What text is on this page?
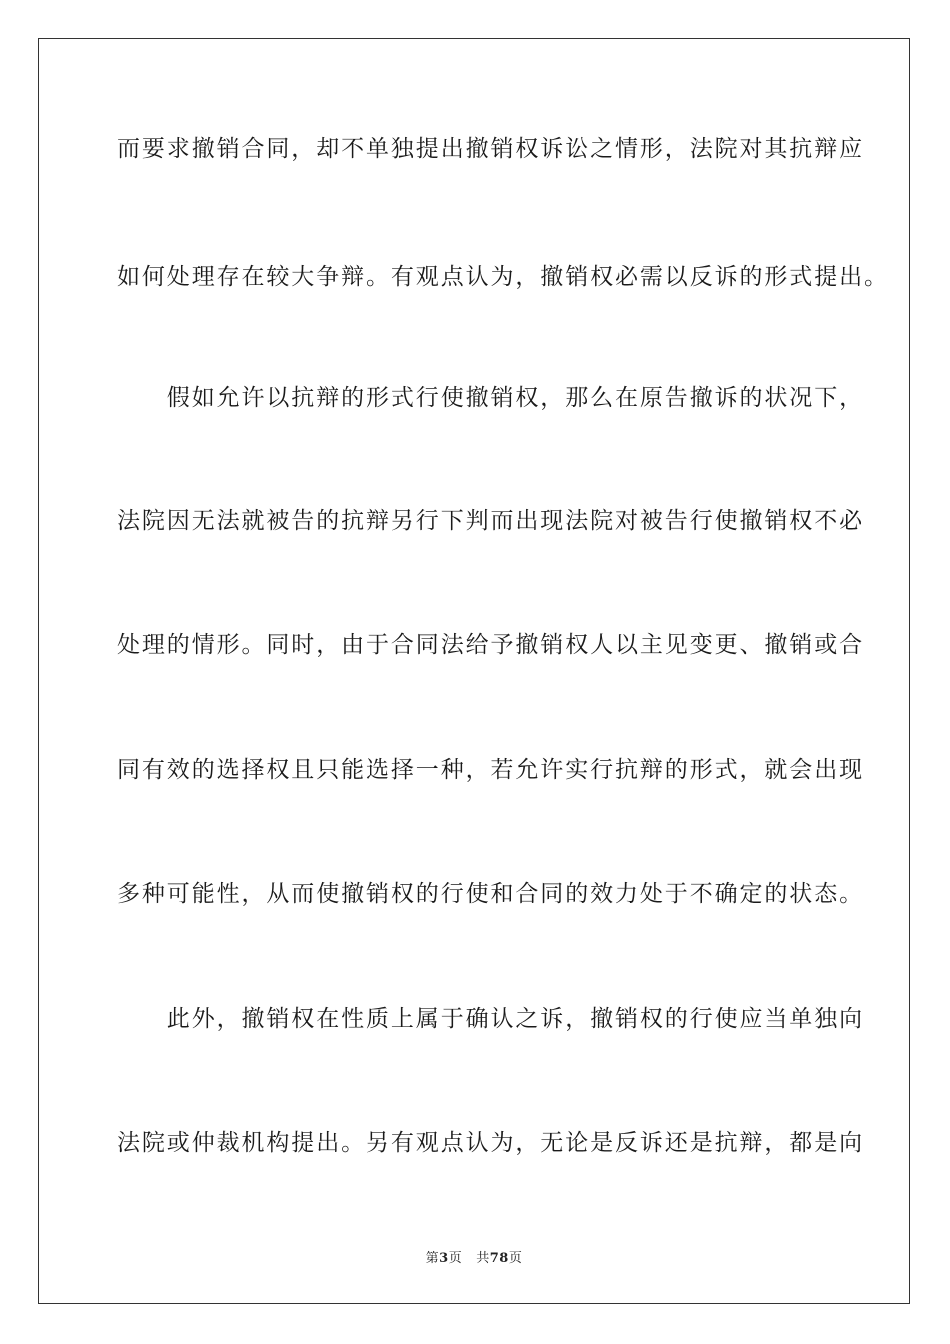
而要求撤销合同，却不单独提出撤销权诉讼之情形，法院对其抗辩应
如何处理存在较大争辩。有观点认为，撤销权必需以反诉的形式提出。
　　假如允许以抗辩的形式行使撤销权，那么在原告撤诉的状况下，
法院因无法就被告的抗辩另行下判而出现法院对被告行使撤销权不必
处理的情形。同时，由于合同法给予撤销权人以主见变更、撤销或合
同有效的选择权且只能选择一种，若允许实行抗辩的形式，就会出现
多种可能性，从而使撤销权的行使和合同的效力处于不确定的状态。
　　此外，撤销权在性质上属于确认之诉，撤销权的行使应当单独向
法院或仲裁机构提出。另有观点认为，无论是反诉还是抗辩，都是向
第3页 共78页
